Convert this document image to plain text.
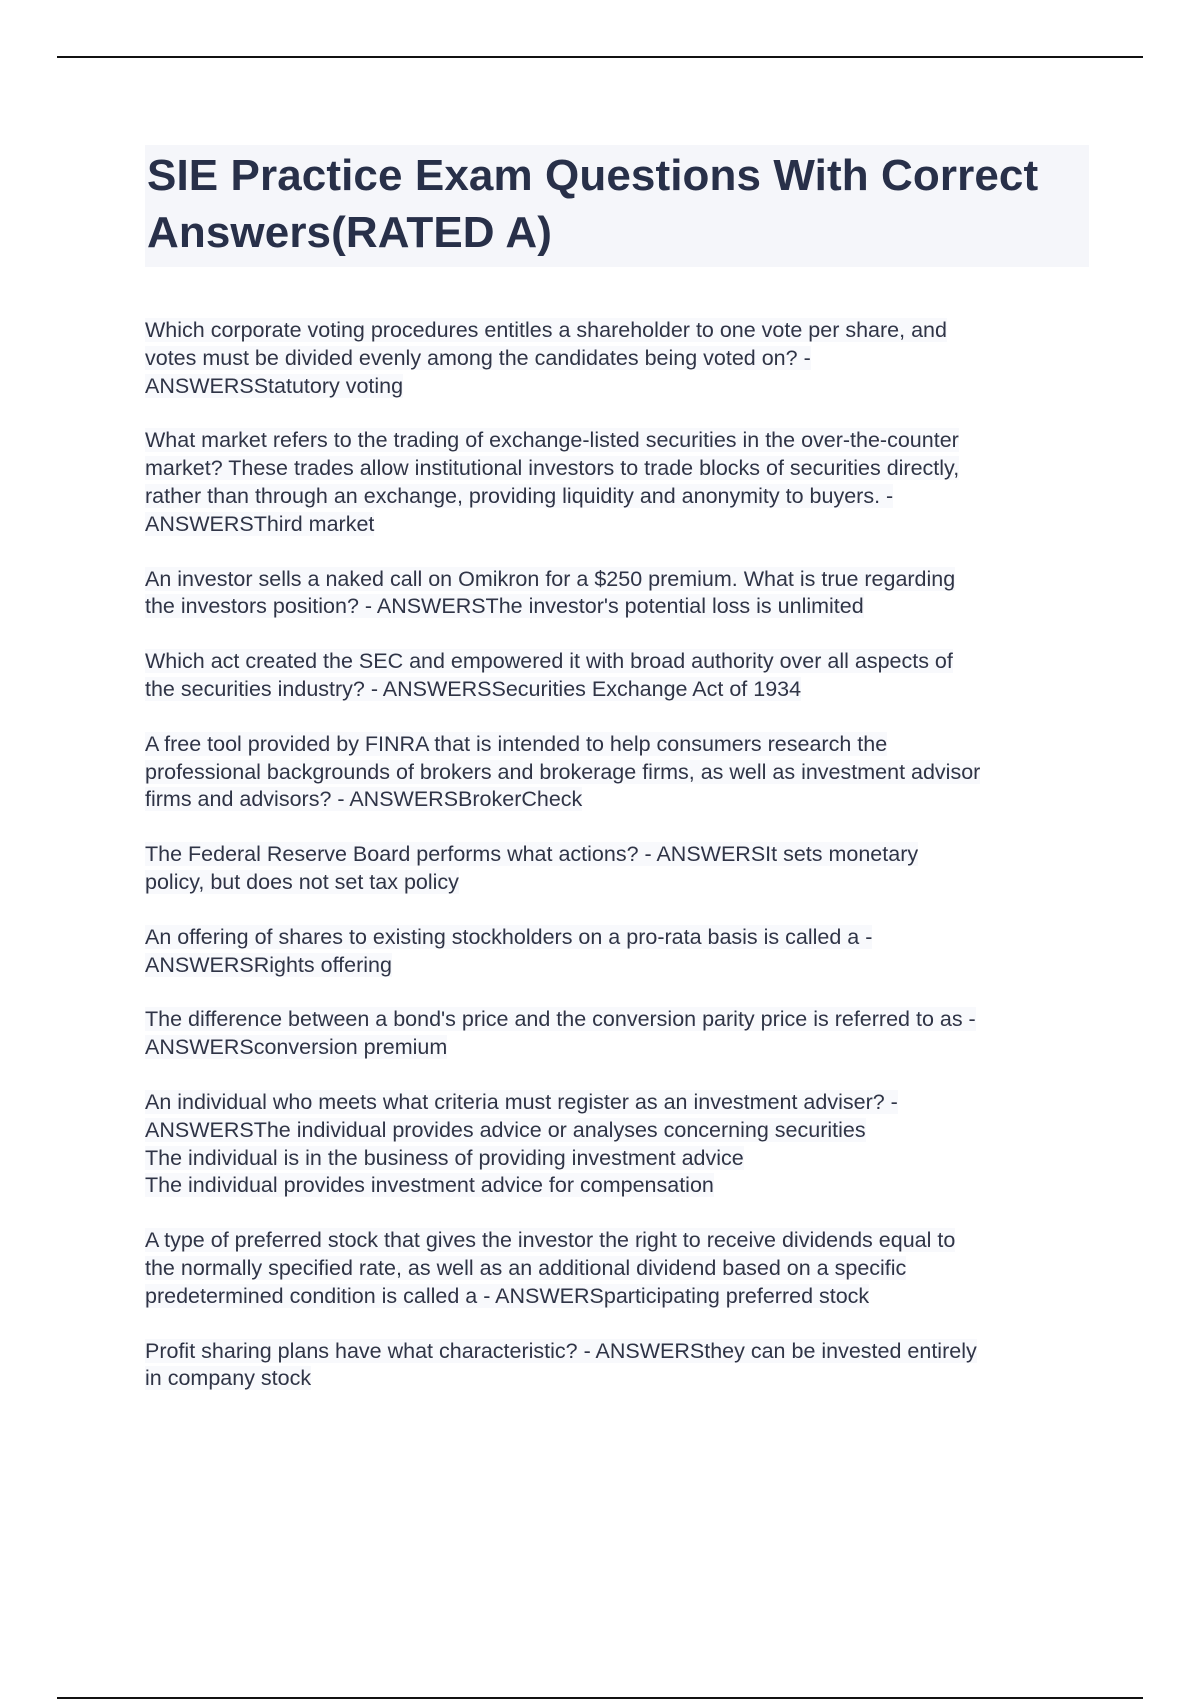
SIE Practice Exam Questions With Correct Answers(RATED A)
Which corporate voting procedures entitles a shareholder to one vote per share, and
votes must be divided evenly among the candidates being voted on? -
ANSWERSStatutory voting
What market refers to the trading of exchange-listed securities in the over-the-counter
market? These trades allow institutional investors to trade blocks of securities directly,
rather than through an exchange, providing liquidity and anonymity to buyers. -
ANSWERSThird market
An investor sells a naked call on Omikron for a $250 premium. What is true regarding
the investors position? - ANSWERSThe investor's potential loss is unlimited
Which act created the SEC and empowered it with broad authority over all aspects of
the securities industry? - ANSWERSSecurities Exchange Act of 1934
A free tool provided by FINRA that is intended to help consumers research the
professional backgrounds of brokers and brokerage firms, as well as investment advisor
firms and advisors? - ANSWERSBrokerCheck
The Federal Reserve Board performs what actions? - ANSWERSIt sets monetary
policy, but does not set tax policy
An offering of shares to existing stockholders on a pro-rata basis is called a -
ANSWERSRights offering
The difference between a bond's price and the conversion parity price is referred to as -
ANSWERSconversion premium
An individual who meets what criteria must register as an investment adviser? -
ANSWERSThe individual provides advice or analyses concerning securities
The individual is in the business of providing investment advice
The individual provides investment advice for compensation
A type of preferred stock that gives the investor the right to receive dividends equal to
the normally specified rate, as well as an additional dividend based on a specific
predetermined condition is called a - ANSWERSparticipating preferred stock
Profit sharing plans have what characteristic? - ANSWERSthey can be invested entirely
in company stock
